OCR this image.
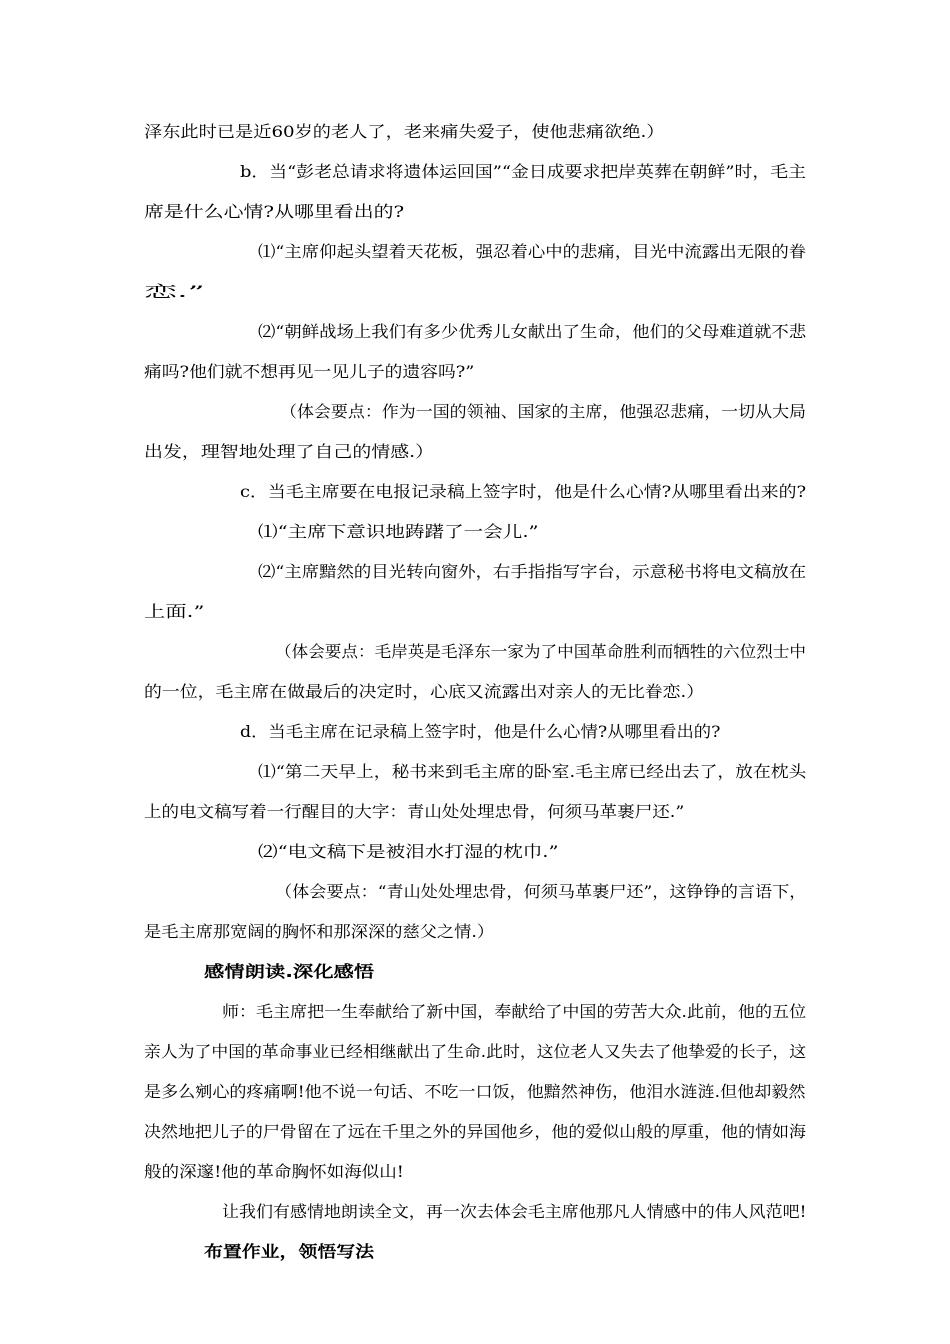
泽东此时已是近60岁的老人了，老来痛失爱子，使他悲痛欲绝.）
b．当“彭老总请求将遗体运回国”“金日成要求把岸英葬在朝鲜”时，毛主
席是什么心情?从哪里看出的?
⑴“主席仰起头望着天花板，强忍着心中的悲痛，目光中流露出无限的眷
恋.”
⑵“朝鲜战场上我们有多少优秀儿女献出了生命，他们的父母难道就不悲
痛吗?他们就不想再见一见儿子的遗容吗?”
（体会要点：作为一国的领袖、国家的主席，他强忍悲痛，一切从大局
出发，理智地处理了自己的情感.）
c．当毛主席要在电报记录稿上签字时，他是什么心情?从哪里看出来的?
⑴“主席下意识地踌躇了一会儿.”
⑵“主席黯然的目光转向窗外，右手指指写字台，示意秘书将电文稿放在
上面.”
（体会要点：毛岸英是毛泽东一家为了中国革命胜利而牺牲的六位烈士中
的一位，毛主席在做最后的决定时，心底又流露出对亲人的无比眷恋.）
d．当毛主席在记录稿上签字时，他是什么心情?从哪里看出的?
⑴“第二天早上，秘书来到毛主席的卧室.毛主席已经出去了，放在枕头
上的电文稿写着一行醒目的大字：青山处处埋忠骨，何须马革裹尸还.”
⑵“电文稿下是被泪水打湿的枕巾.”
（体会要点：“青山处处埋忠骨，何须马革裹尸还”，这铮铮的言语下，
是毛主席那宽阔的胸怀和那深深的慈父之情.）
感情朗读.深化感悟
师：毛主席把一生奉献给了新中国，奉献给了中国的劳苦大众.此前，他的五位
亲人为了中国的革命事业已经相继献出了生命.此时，这位老人又失去了他挚爱的长子，这
是多么剜心的疼痛啊!他不说一句话、不吃一口饭，他黯然神伤，他泪水涟涟.但他却毅然
决然地把儿子的尸骨留在了远在千里之外的异国他乡，他的爱似山般的厚重，他的情如海
般的深邃!他的革命胸怀如海似山!
让我们有感情地朗读全文，再一次去体会毛主席他那凡人情感中的伟人风范吧!
布置作业，领悟写法
